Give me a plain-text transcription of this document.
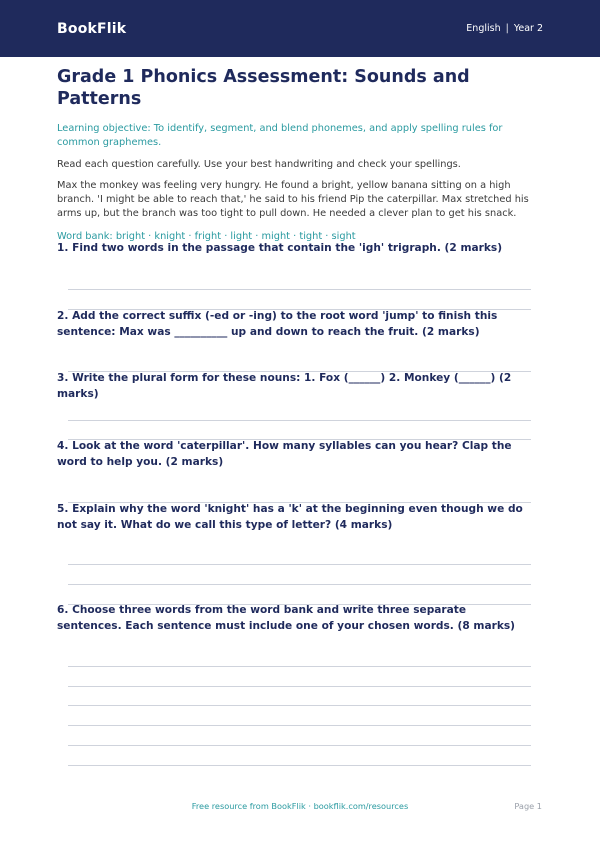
BookFlik	English | Year 2
Grade 1 Phonics Assessment: Sounds and Patterns
Learning objective: To identify, segment, and blend phonemes, and apply spelling rules for common graphemes.
Read each question carefully. Use your best handwriting and check your spellings.
Max the monkey was feeling very hungry. He found a bright, yellow banana sitting on a high branch. 'I might be able to reach that,' he said to his friend Pip the caterpillar. Max stretched his arms up, but the branch was too tight to pull down. He needed a clever plan to get his snack.
Word bank: bright · knight · fright · light · might · tight · sight
1. Find two words in the passage that contain the 'igh' trigraph. (2 marks)
2. Add the correct suffix (-ed or -ing) to the root word 'jump' to finish this sentence: Max was __________ up and down to reach the fruit. (2 marks)
3. Write the plural form for these nouns: 1. Fox (______) 2. Monkey (______) (2 marks)
4. Look at the word 'caterpillar'. How many syllables can you hear? Clap the word to help you. (2 marks)
5. Explain why the word 'knight' has a 'k' at the beginning even though we do not say it. What do we call this type of letter? (4 marks)
6. Choose three words from the word bank and write three separate sentences. Each sentence must include one of your chosen words. (8 marks)
Free resource from BookFlik · bookflik.com/resources	Page 1
